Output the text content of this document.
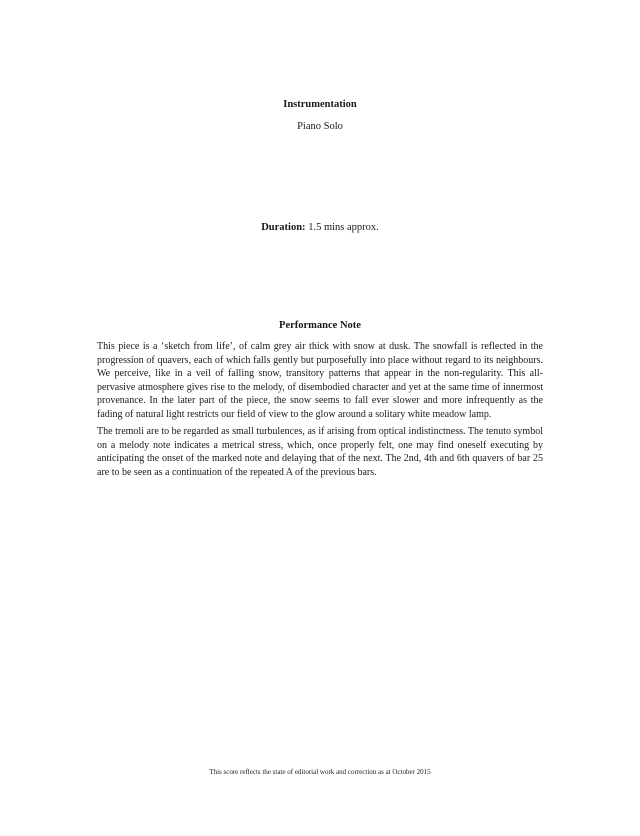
Instrumentation
Piano Solo
Duration: 1.5 mins approx.
Performance Note

This piece is a ‘sketch from life’, of calm grey air thick with snow at dusk. The snowfall is reflected in the progression of quavers, each of which falls gently but purposefully into place without regard to its neighbours. We perceive, like in a veil of falling snow, transitory patterns that appear in the non-regularity. This all-pervasive atmosphere gives rise to the melody, of disembodied character and yet at the same time of innermost provenance. In the later part of the piece, the snow seems to fall ever slower and more infrequently as the fading of natural light restricts our field of view to the glow around a solitary white meadow lamp.

The tremoli are to be regarded as small turbulences, as if arising from optical indistinctness. The tenuto symbol on a melody note indicates a metrical stress, which, once properly felt, one may find oneself executing by anticipating the onset of the marked note and delaying that of the next. The 2nd, 4th and 6th quavers of bar 25 are to be seen as a continuation of the repeated A of the previous bars.

This score reflects the state of editorial work and correction as at October 2015
